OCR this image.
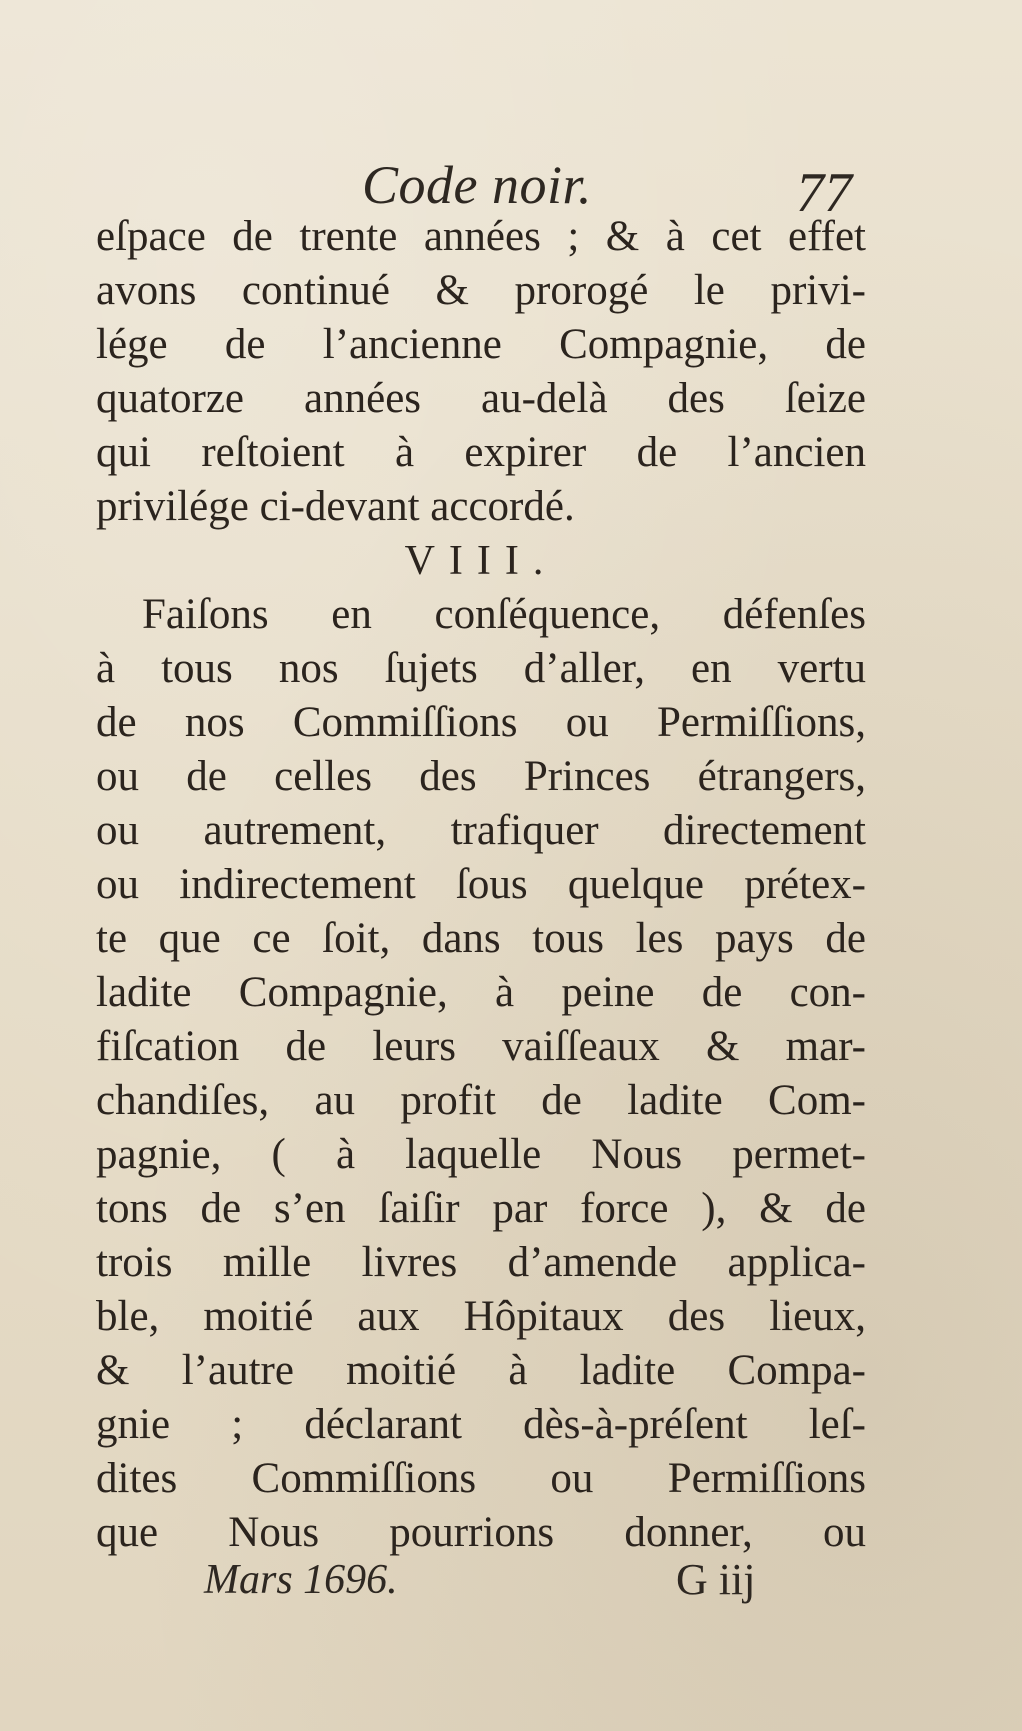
Code noir.	77
eſpace de trente années ; & à cet effet
avons continué & prorogé le privi-
lége de l’ancienne Compagnie, de
quatorze années au-delà des ſeize
qui reſtoient à expirer de l’ancien
privilége ci-devant accordé.
VIII.
Faiſons en conſéquence, défenſes
à tous nos ſujets d’aller, en vertu
de nos Commiſſions ou Permiſſions,
ou de celles des Princes étrangers,
ou autrement, trafiquer directement
ou indirectement ſous quelque prétex-
te que ce ſoit, dans tous les pays de
ladite Compagnie, à peine de con-
fiſcation de leurs vaiſſeaux & mar-
chandiſes, au profit de ladite Com-
pagnie, ( à laquelle Nous permet-
tons de s’en ſaiſir par force ), & de
trois mille livres d’amende applica-
ble, moitié aux Hôpitaux des lieux,
& l’autre moitié à ladite Compa-
gnie ; déclarant dès-à-préſent leſ-
dites Commiſſions ou Permiſſions
que Nous pourrions donner, ou
Mars 1696.	G iij
